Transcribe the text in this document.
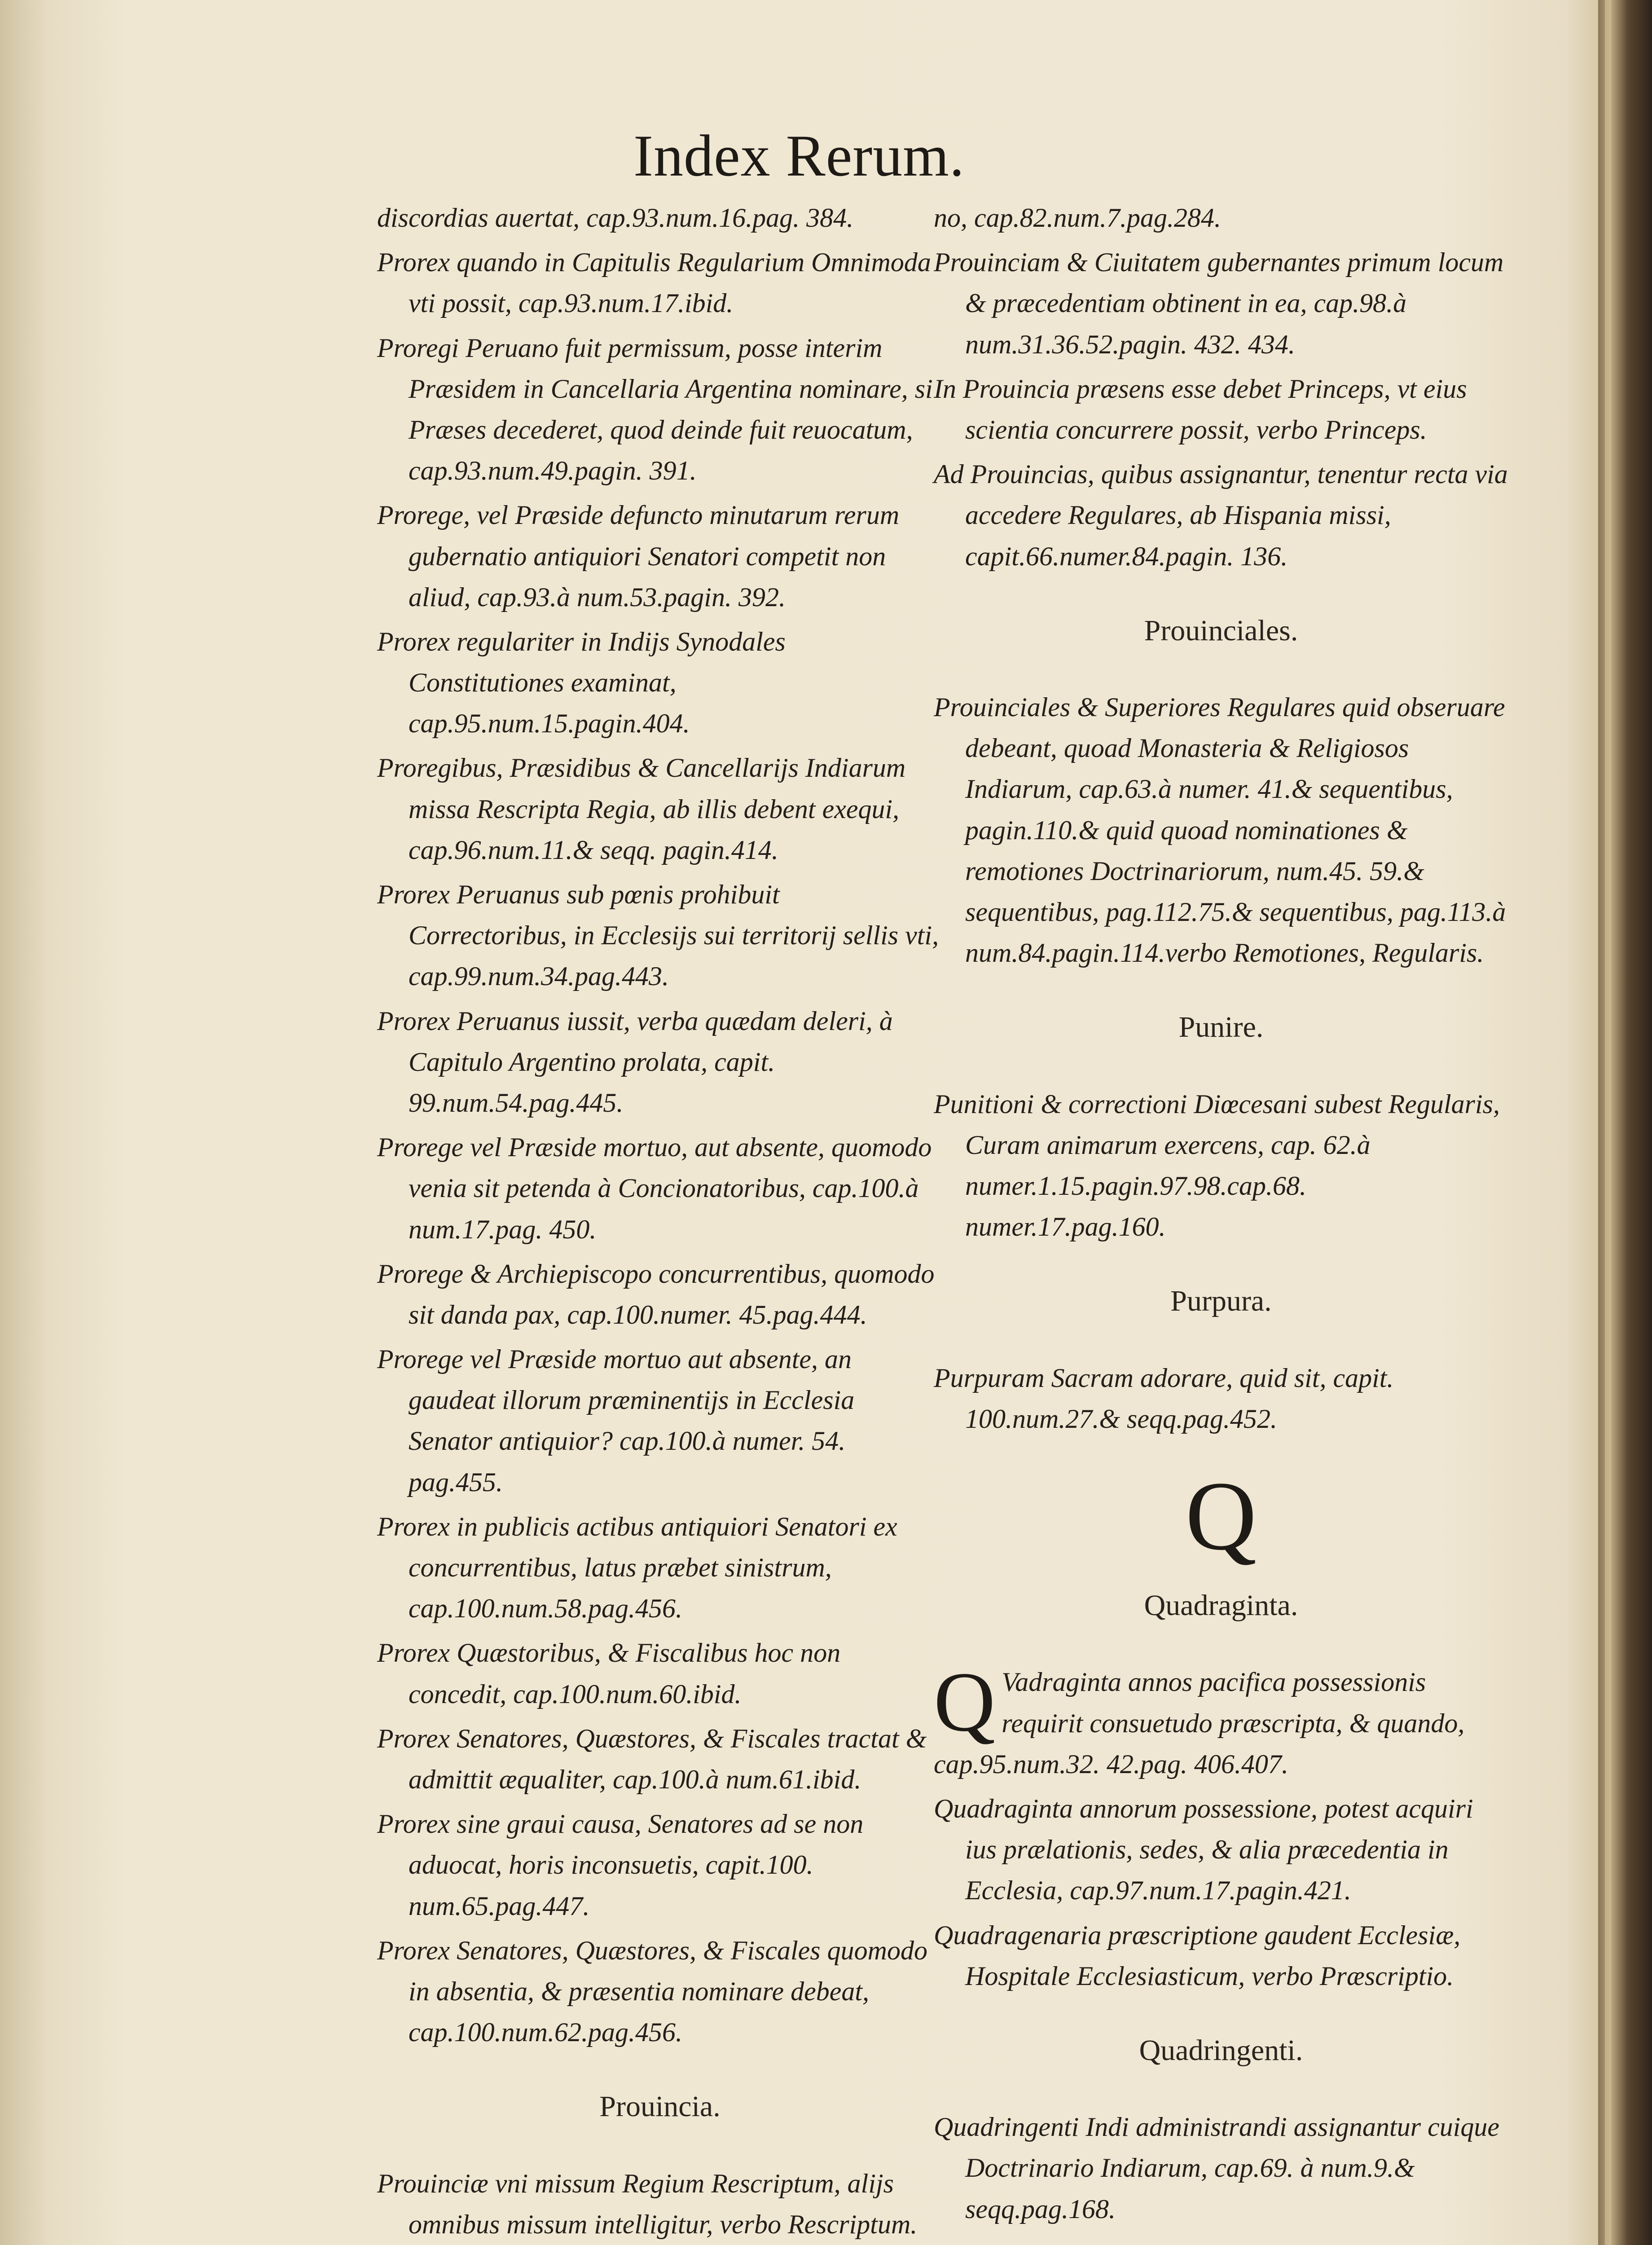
Index Rerum.

discordias auertat, cap.93.num.16.pag. 384.

Prorex quando in Capitulis Regularium Omnimoda vti possit, cap.93.num.17.ibid.

Proregi Peruano fuit permissum, posse interim Præsidem in Cancellaria Argentina nominare, si Præses decederet, quod deinde fuit reuocatum, cap.93.num.49.pagin. 391.

Prorege, vel Præside defuncto minutarum rerum gubernatio antiquiori Senatori competit non aliud, cap.93.à num.53.pagin. 392.

Prorex regulariter in Indijs Synodales Constitutiones examinat, cap.95.num.15.pagin.404.

Proregibus, Præsidibus & Cancellarijs Indiarum missa Rescripta Regia, ab illis debent exequi, cap.96.num.11.& seqq. pagin.414.

Prorex Peruanus sub pœnis prohibuit Correctoribus, in Ecclesijs sui territorij sellis vti, cap.99.num.34.pag.443.

Prorex Peruanus iussit, verba quædam deleri, à Capitulo Argentino prolata, capit. 99.num.54.pag.445.

Prorege vel Præside mortuo, aut absente, quomodo venia sit petenda à Concionatoribus, cap.100.à num.17.pag. 450.

Prorege & Archiepiscopo concurrentibus, quomodo sit danda pax, cap.100.numer. 45.pag.444.

Prorege vel Præside mortuo aut absente, an gaudeat illorum præminentijs in Ecclesia Senator antiquior? cap.100.à numer. 54. pag.455.

Prorex in publicis actibus antiquiori Senatori ex concurrentibus, latus præbet sinistrum, cap.100.num.58.pag.456.

Prorex Quæstoribus, & Fiscalibus hoc non concedit, cap.100.num.60.ibid.

Prorex Senatores, Quæstores, & Fiscales tractat & admittit æqualiter, cap.100.à num.61.ibid.

Prorex sine graui causa, Senatores ad se non aduocat, horis inconsuetis, capit.100. num.65.pag.447.

Prorex Senatores, Quæstores, & Fiscales quomodo in absentia, & præsentia nominare debeat, cap.100.num.62.pag.456.

Prouincia.

Prouinciæ vni missum Regium Rescriptum, alijs omnibus missum intelligitur, verbo Rescriptum.

no, cap.82.num.7.pag.284.

Prouinciam & Ciuitatem gubernantes primum locum & præcedentiam obtinent in ea, cap.98.à num.31.36.52.pagin. 432. 434.

In Prouincia præsens esse debet Princeps, vt eius scientia concurrere possit, verbo Princeps.

Ad Prouincias, quibus assignantur, tenentur recta via accedere Regulares, ab Hispania missi, capit.66.numer.84.pagin. 136.

Prouinciales.

Prouinciales & Superiores Regulares quid obseruare debeant, quoad Monasteria & Religiosos Indiarum, cap.63.à numer. 41.& sequentibus, pagin.110.& quid quoad nominationes & remotiones Doctrinariorum, num.45. 59.& sequentibus, pag.112.75.& sequentibus, pag.113.à num.84.pagin.114.verbo Remotiones, Regularis.

Punire.

Punitioni & correctioni Diœcesani subest Regularis, Curam animarum exercens, cap. 62.à numer.1.15.pagin.97.98.cap.68. numer.17.pag.160.

Purpura.

Purpuram Sacram adorare, quid sit, capit. 100.num.27.& seqq.pag.452.

Q
Quadraginta.
Q Vadraginta annos pacifica possessionis requirit consuetudo præscripta, & quando, cap.95.num.32. 42.pag. 406.407.

Quadraginta annorum possessione, potest acquiri ius prælationis, sedes, & alia præcedentia in Ecclesia, cap.97.num.17.pagin.421.

Quadragenaria præscriptione gaudent Ecclesiæ, Hospitale Ecclesiasticum, verbo Præscriptio.

Quadringenti.

Quadringenti Indi administrandi assignantur cuique Doctrinario Indiarum, cap.69. à num.9.& seqq.pag.168.
